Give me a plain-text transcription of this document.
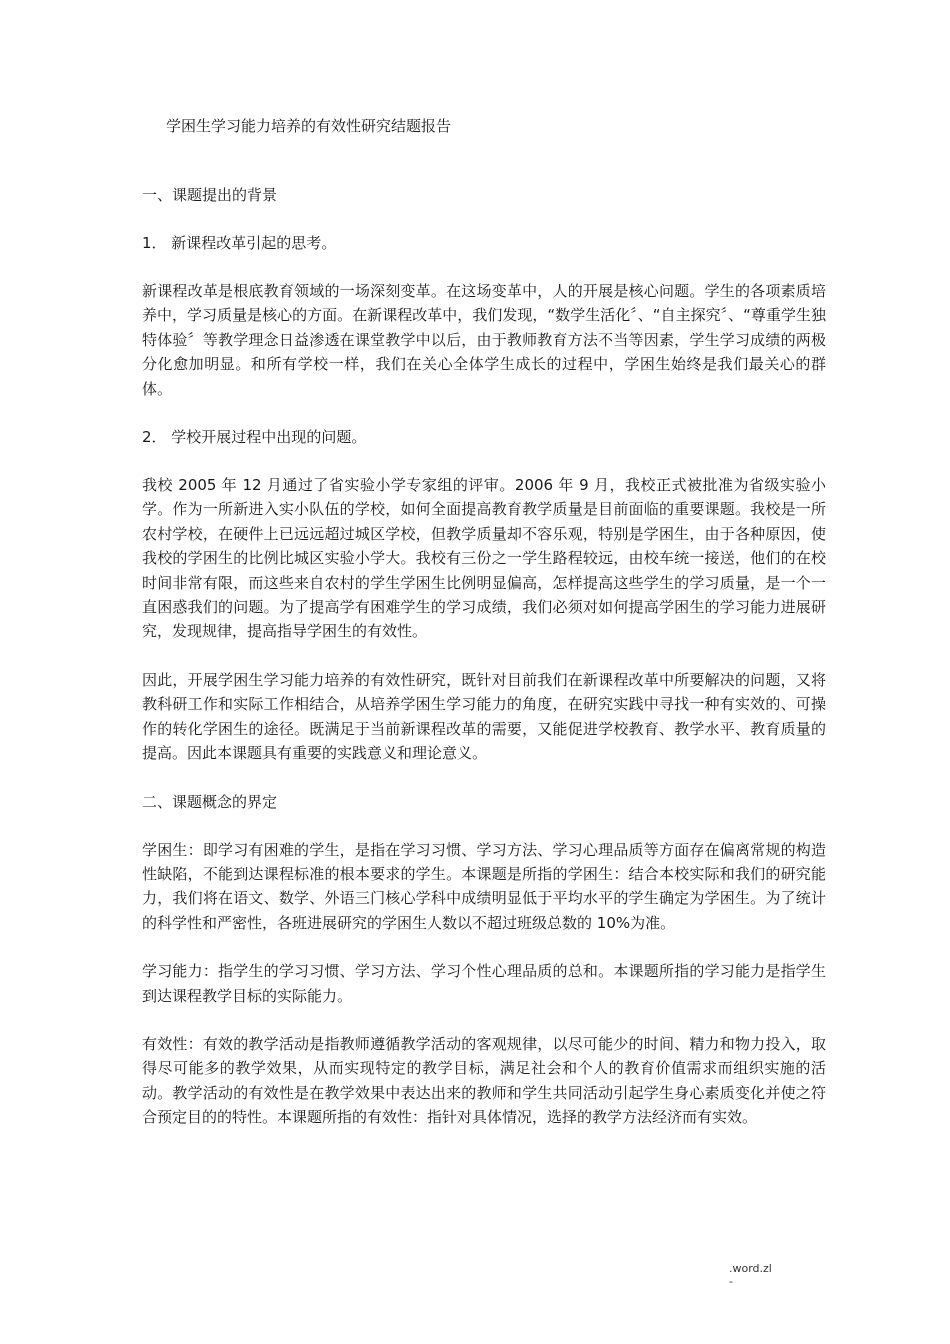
学困生学习能力培养的有效性研究结题报告

一、课题提出的背景

1． 新课程改革引起的思考。

新课程改革是根底教育领域的一场深刻变革。在这场变革中，人的开展是核心问题。学生的各项素质培养中，学习质量是核心的方面。在新课程改革中，我们发现，“数学生活化〞、“自主探究〞、“尊重学生独特体验〞等教学理念日益渗透在课堂教学中以后，由于教师教育方法不当等因素，学生学习成绩的两极分化愈加明显。和所有学校一样，我们在关心全体学生成长的过程中，学困生始终是我们最关心的群体。

2． 学校开展过程中出现的问题。

我校 2005 年 12 月通过了省实验小学专家组的评审。2006 年 9 月，我校正式被批准为省级实验小学。作为一所新进入实小队伍的学校，如何全面提高教育教学质量是目前面临的重要课题。我校是一所农村学校，在硬件上已远远超过城区学校，但教学质量却不容乐观，特别是学困生，由于各种原因，使我校的学困生的比例比城区实验小学大。我校有三份之一学生路程较远，由校车统一接送，他们的在校时间非常有限，而这些来自农村的学生学困生比例明显偏高，怎样提高这些学生的学习质量，是一个一直困惑我们的问题。为了提高学有困难学生的学习成绩，我们必须对如何提高学困生的学习能力进展研究，发现规律，提高指导学困生的有效性。

因此，开展学困生学习能力培养的有效性研究，既针对目前我们在新课程改革中所要解决的问题，又将教科研工作和实际工作相结合，从培养学困生学习能力的角度，在研究实践中寻找一种有实效的、可操作的转化学困生的途径。既满足于当前新课程改革的需要，又能促进学校教育、教学水平、教育质量的提高。因此本课题具有重要的实践意义和理论意义。

二、课题概念的界定

学困生：即学习有困难的学生，是指在学习习惯、学习方法、学习心理品质等方面存在偏离常规的构造性缺陷，不能到达课程标准的根本要求的学生。本课题是所指的学困生：结合本校实际和我们的研究能力，我们将在语文、数学、外语三门核心学科中成绩明显低于平均水平的学生确定为学困生。为了统计的科学性和严密性，各班进展研究的学困生人数以不超过班级总数的 10%为准。

学习能力：指学生的学习习惯、学习方法、学习个性心理品质的总和。本课题所指的学习能力是指学生到达课程教学目标的实际能力。

有效性：有效的教学活动是指教师遵循教学活动的客观规律，以尽可能少的时间、精力和物力投入，取得尽可能多的教学效果，从而实现特定的教学目标，满足社会和个人的教育价值需求而组织实施的活动。教学活动的有效性是在教学效果中表达出来的教师和学生共同活动引起学生身心素质变化并使之符合预定目的的特性。本课题所指的有效性：指针对具体情况，选择的教学方法经济而有实效。

.word.zl
-
